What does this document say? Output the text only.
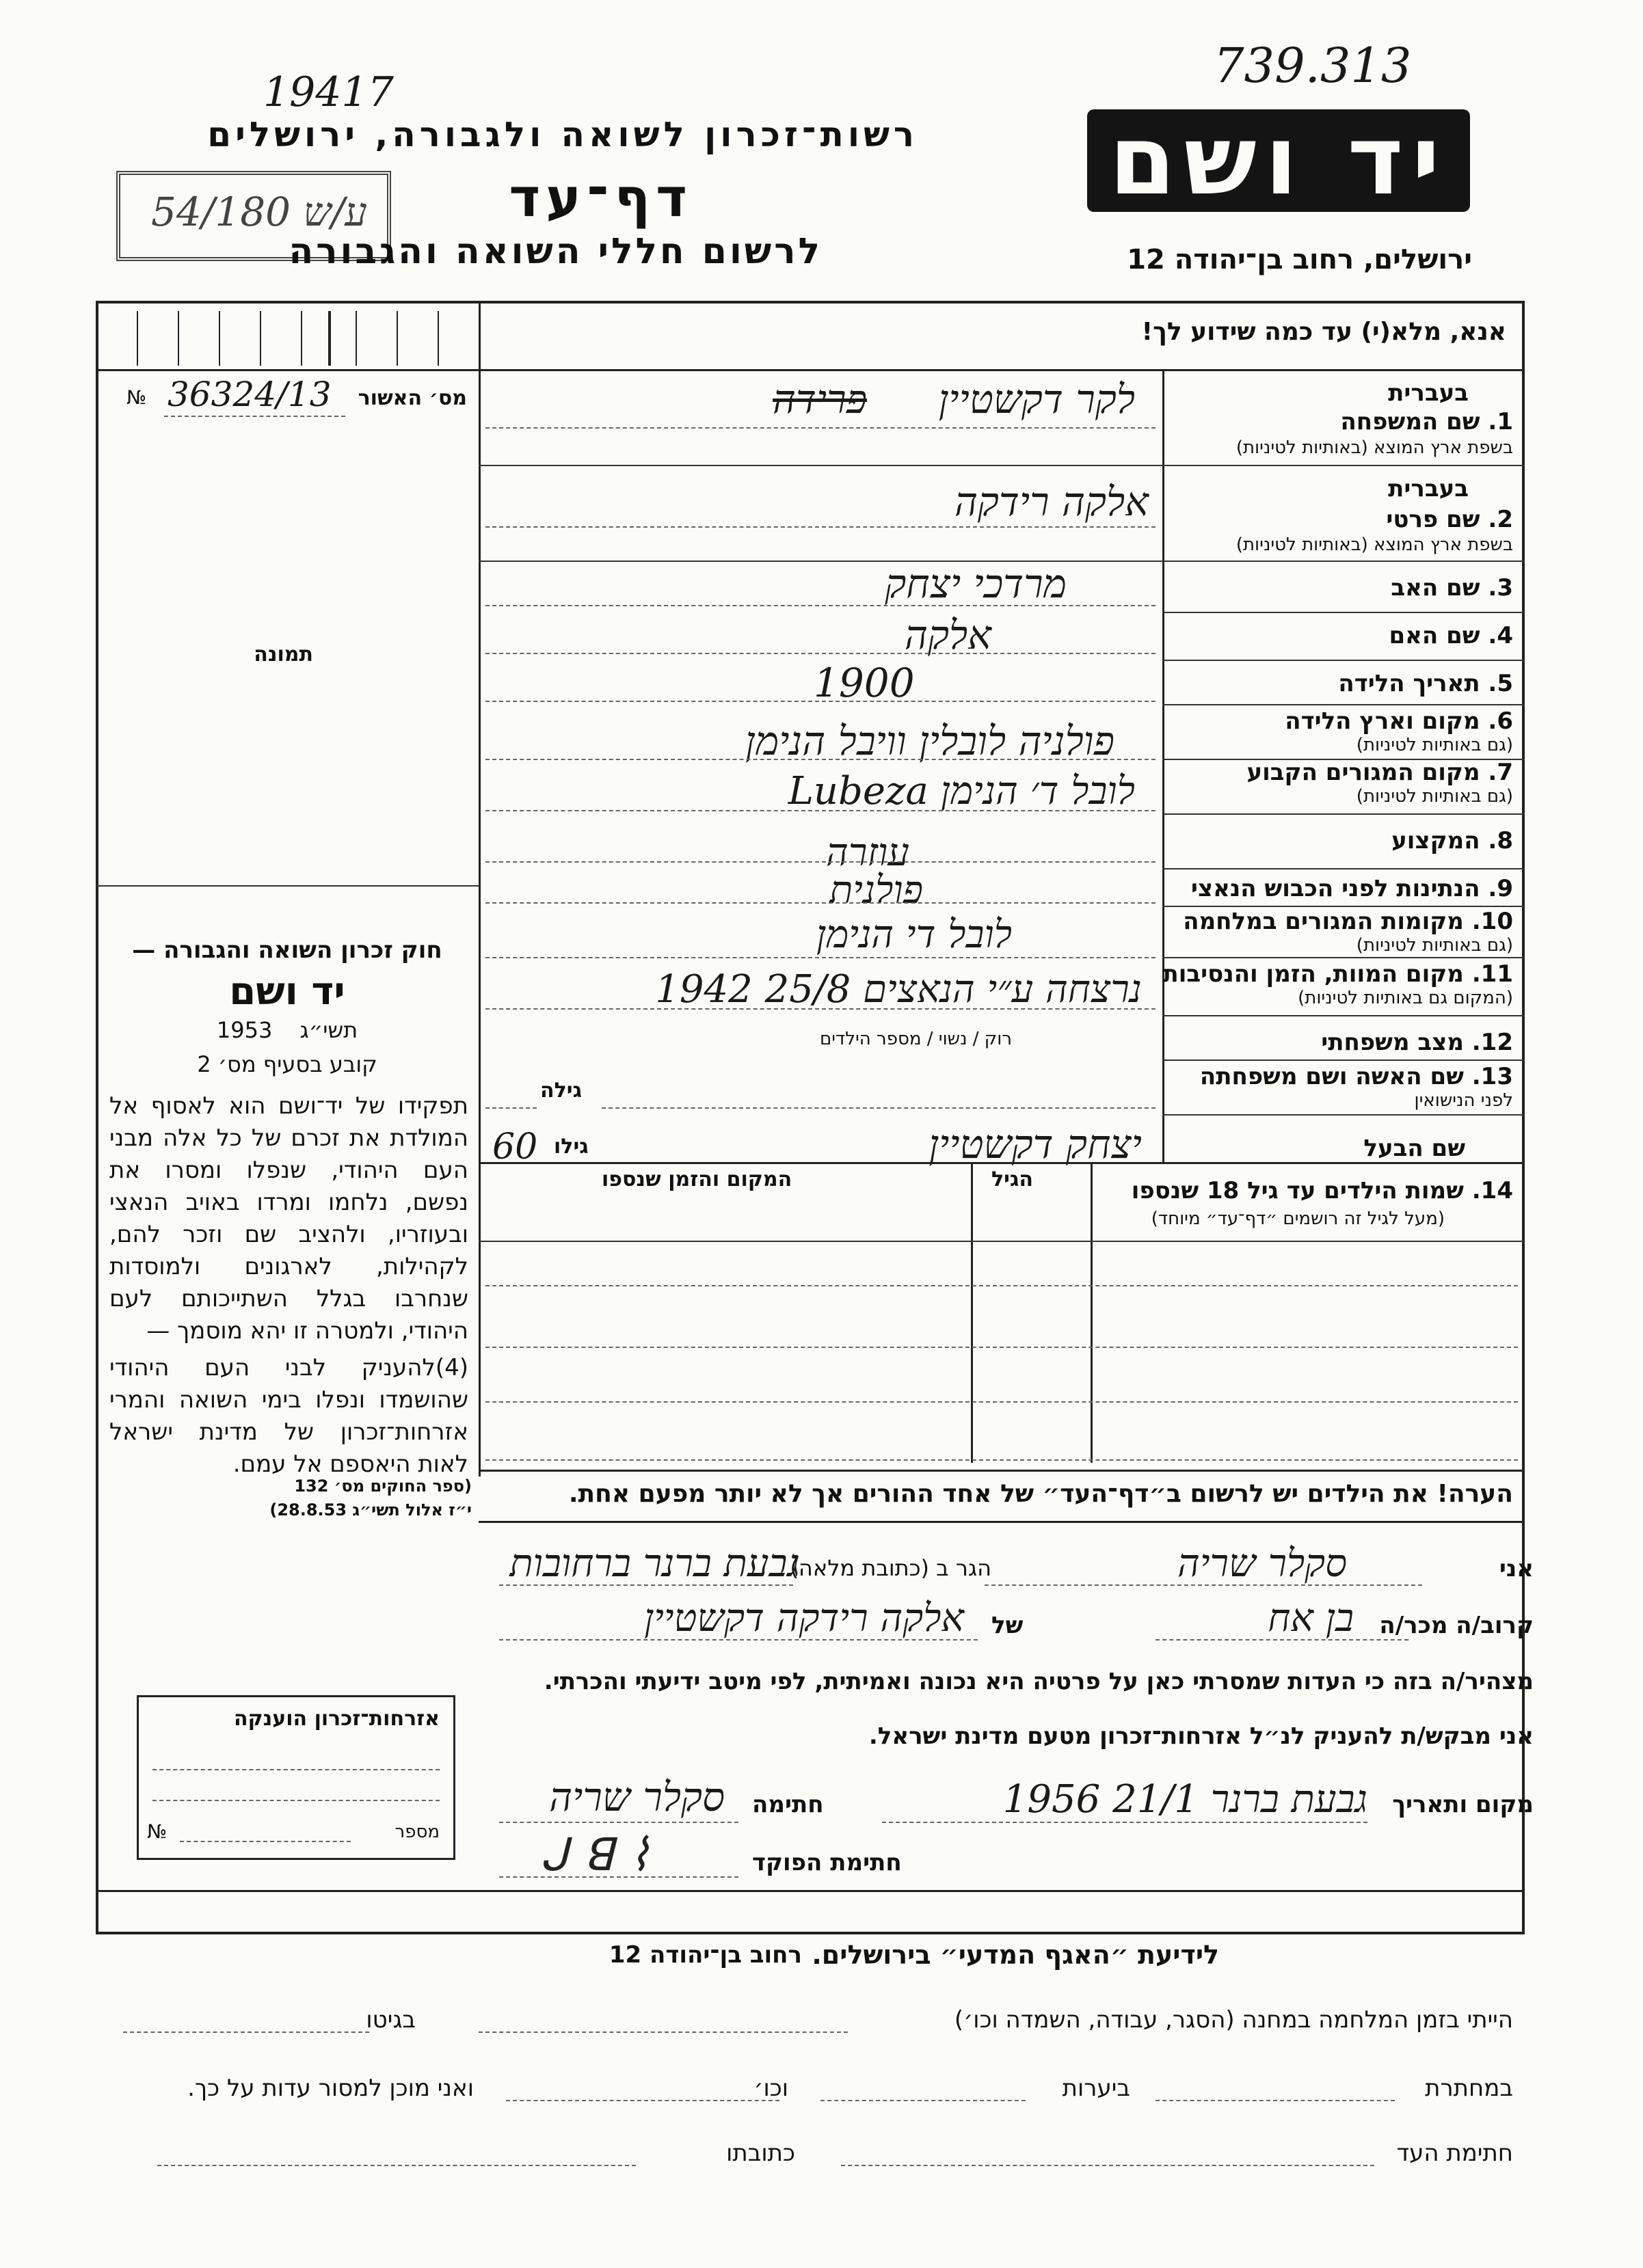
739.313
19417
רשות־זכרון לשואה ולגבורה, ירושלים
54/180 ע/ש	דף־עד
לרשום חללי השואה והגבורה
יד ושם
ירושלים, רחוב בן־יהודה 12
אנא, מלא(י) עד כמה שידוע לך!
מס׳ האשור
№ 36324/13
תמונה
חוק זכרון השואה והגבורה —
יד ושם
1953 תשי״ג
קובע בסעיף מס׳ 2
תפקידו של יד־ושם הוא לאסוף אל המולדת את זכרם של כל אלה מבני העם היהודי, שנפלו ומסרו את נפשם, נלחמו ומרדו באויב הנאצי ובעוזריו, ולהציב שם וזכר להם, לקהילות, לארגונים ולמוסדות שנחרבו בגלל השתייכותם לעם היהודי, ולמטרה זו יהא מוסמך —
(4)להעניק לבני העם היהודי שהושמדו ונפלו בימי השואה והמרי אזרחות־זכרון של מדינת ישראל לאות היאספם אל עמם.
(ספר החוקים מס׳ 132
י״ז אלול תשי״ג 28.8.53)
בעברית
1. שם המשפחה
בשפת ארץ המוצא (באותיות לטיניות)
פרידה	לקר דקשטיין
בעברית
2. שם פרטי
בשפת ארץ המוצא (באותיות לטיניות)
אלקה רידקה
3. שם האב
מרדכי יצחק
4. שם האם
אלקה
5. תאריך הלידה
1900
6. מקום וארץ הלידה
(גם באותיות לטיניות)
פולניה לובלין וויבל הנימן
7. מקום המגורים הקבוע
(גם באותיות לטיניות)
לובל ד׳ הנימן Lubeza
8. המקצוע
עוזרה
9. הנתינות לפני הכבוש הנאצי
פולנית
10. מקומות המגורים במלחמה
(גם באותיות לטיניות)
לובל די הנימן
11. מקום המוות, הזמן והנסיבות
(המקום גם באותיות לטיניות)
נרצחה ע״י הנאצים 25/8 1942
12. מצב משפחתי
רוק / נשוי / מספר הילדים
13. שם האשה ושם משפחתה
לפני הנישואין
גילה
שם הבעל
גילו
60	יצחק דקשטיין
14. שמות הילדים עד גיל 18 שנספו
(מעל לגיל זה רושמים ״דף־עד״ מיוחד)
הגיל
המקום והזמן שנספו
הערה! את הילדים יש לרשום ב״דף־העד״ של אחד ההורים אך לא יותר מפעם אחת.
אני
סקלר שריה
הגר ב (כתובת מלאה)
גבעת ברנר ברחובות
קרוב/ה מכר/ה
בן אח
של
אלקה רידקה דקשטיין
מצהיר/ה בזה כי העדות שמסרתי כאן על פרטיה היא נכונה ואמיתית, לפי מיטב ידיעתי והכרתי.
אני מבקש/ת להעניק לנ״ל אזרחות־זכרון מטעם מדינת ישראל.
מקום ותאריך
גבעת ברנר 21/1 1956
חתימה
סקלר שריה
חתימת הפוקד
ᒍ ꓭ ⌇
אזרחות־זכרון הוענקה
№	מספר
לידיעת ״האגף המדעי״ בירושלים.
רחוב בן־יהודה 12
הייתי בזמן המלחמה במחנה (הסגר, עבודה, השמדה וכו׳)
בגיטו
במחתרת
ביערות
וכו׳
ואני מוכן למסור עדות על כך.
חתימת העד
כתובתו
